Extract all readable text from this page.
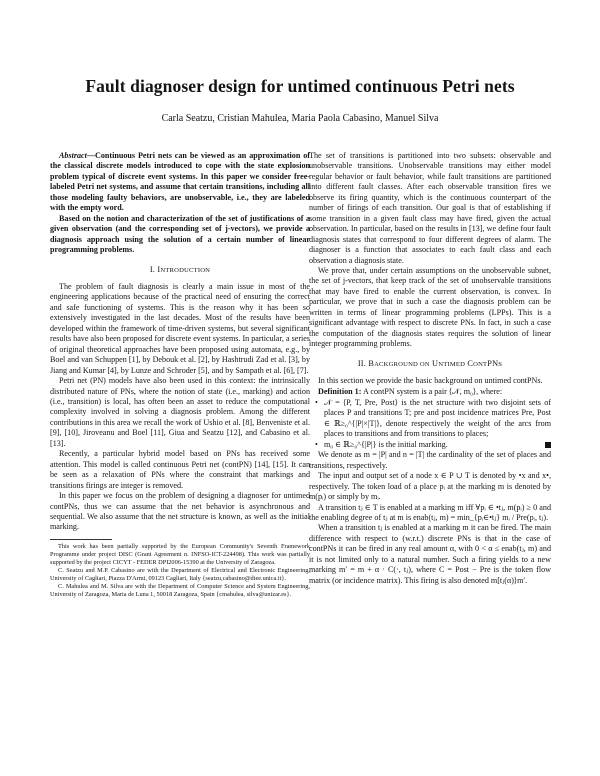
Fault diagnoser design for untimed continuous Petri nets
Carla Seatzu, Cristian Mahulea, Maria Paola Cabasino, Manuel Silva

Abstract—Continuous Petri nets can be viewed as an approximation of the classical discrete models introduced to cope with the state explosion problem typical of discrete event systems. In this paper we consider free-labeled Petri net systems, and assume that certain transitions, including all those modeling faulty behaviors, are unobservable, i.e., they are labeled with the empty word.

Based on the notion and characterization of the set of justifications of a given observation (and the corresponding set of j-vectors), we provide a diagnosis approach using the solution of a certain number of linear programming problems.

I. INTRODUCTION

The problem of fault diagnosis is clearly a main issue in most of the engineering applications because of the practical need of ensuring the correct and safe functioning of systems. This is the reason why it has been so extensively investigated in the last decades. Most of the results have been developed within the framework of time-driven systems, but several significant results have also been proposed for discrete event systems. In particular, a series of original theoretical approaches have been proposed using automata, e.g., by Boel and van Schuppen [1], by Debouk et al. [2], by Hashtrudi Zad et al. [3], by Jiang and Kumar [4], by Lunze and Schroder [5], and by Sampath et al. [6], [7].

Petri net (PN) models have also been used in this context: the intrinsically distributed nature of PNs, where the notion of state (i.e., marking) and action (i.e., transition) is local, has often been an asset to reduce the computational complexity involved in solving a diagnosis problem. Among the different contributions in this area we recall the work of Ushio et al. [8], Benveniste et al. [9], [10], Jiroveanu and Boel [11], Giua and Seatzu [12], and Cabasino et al. [13].

Recently, a particular hybrid model based on PNs has received some attention. This model is called continuous Petri net (contPN) [14], [15]. It can be seen as a relaxation of PNs where the constraint that markings and transitions firings are integer is removed.

In this paper we focus on the problem of designing a diagnoser for untimed contPNs, thus we can assume that the net behavior is asynchronous and sequential. We also assume that the net structure is known, as well as the initial marking.

This work has been partially supported by the European Community's Seventh Framework Programme under project DISC (Grant Agreement n. INFSO-ICT-224498). This work was partially supported by the project CICYT - FEDER DPI2006-15390 at the University of Zaragoza.

C. Seatzu and M.P. Cabasino are with the Department of Electrical and Electronic Engineering, University of Cagliari, Piazza D'Armi, 09123 Cagliari, Italy {seatzu,cabasino@diee.unica.it}.

C. Mahulea and M. Silva are with the Department of Computer Science and System Engineering, University of Zaragoza, Maria de Luna 1, 50018 Zaragoza, Spain {cmahulea, silva@unizar.es}.

The set of transitions is partitioned into two subsets: observable and unobservable transitions. Unobservable transitions may either model regular behavior or fault behavior, while fault transitions are partitioned into different fault classes. After each observable transition fires we observe its firing quantity, which is the continuous counterpart of the number of firings of each transition. Our goal is that of establishing if some transition in a given fault class may have fired, given the actual observation. In particular, based on the results in [13], we define four fault diagnosis states that correspond to four different degrees of alarm. The diagnoser is a function that associates to each fault class and each observation a diagnosis state.

We prove that, under certain assumptions on the unobservable subnet, the set of j-vectors, that keep track of the set of unobservable transitions that may have fired to enable the current observation, is convex. In particular, we prove that in such a case the diagnosis problem can be written in terms of linear programming problems (LPPs). This is a significant advantage with respect to discrete PNs. In fact, in such a case the computation of the diagnosis states requires the solution of linear integer programming problems.

II. BACKGROUND ON UNTIMED CONTPNS

In this section we provide the basic background on untimed contPNs.

Definition 1: A contPN system is a pair ⟨𝒩, m₀⟩, where:

• 𝒩 = ⟨P, T, Pre, Post⟩ is the net structure with two disjoint sets of places P and transitions T; pre and post incidence matrices Pre, Post ∈ ℝ≥₀^{|P|×|T|}, denote respectively the weight of the arcs from places to transitions and from transitions to places;
• m₀ ∈ ℝ≥₀^{|P|} is the initial marking.

We denote as m = |P| and n = |T| the cardinality of the set of places and transitions, respectively.

The input and output set of a node x ∈ P ∪ T is denoted by •x and x•, respectively. The token load of a place pᵢ at the marking m is denoted by m(pᵢ) or simply by mᵢ.

A transition tⱼ ∈ T is enabled at a marking m iff ∀pᵢ ∈ •tⱼ, m(pᵢ) ≥ 0 and the enabling degree of tⱼ at m is enab(tⱼ, m) = min_{pᵢ∈•tⱼ} mᵢ / Pre(pᵢ, tⱼ).

When a transition tⱼ is enabled at a marking m it can be fired. The main difference with respect to (w.r.t.) discrete PNs is that in the case of contPNs it can be fired in any real amount α, with 0 < α ≤ enab(tⱼ, m) and it is not limited only to a natural number. Such a firing yields to a new marking m′ = m + α · C(·, tⱼ), where C = Post − Pre is the token flow matrix (or incidence matrix). This firing is also denoted m[tⱼ(α)⟩m′.
